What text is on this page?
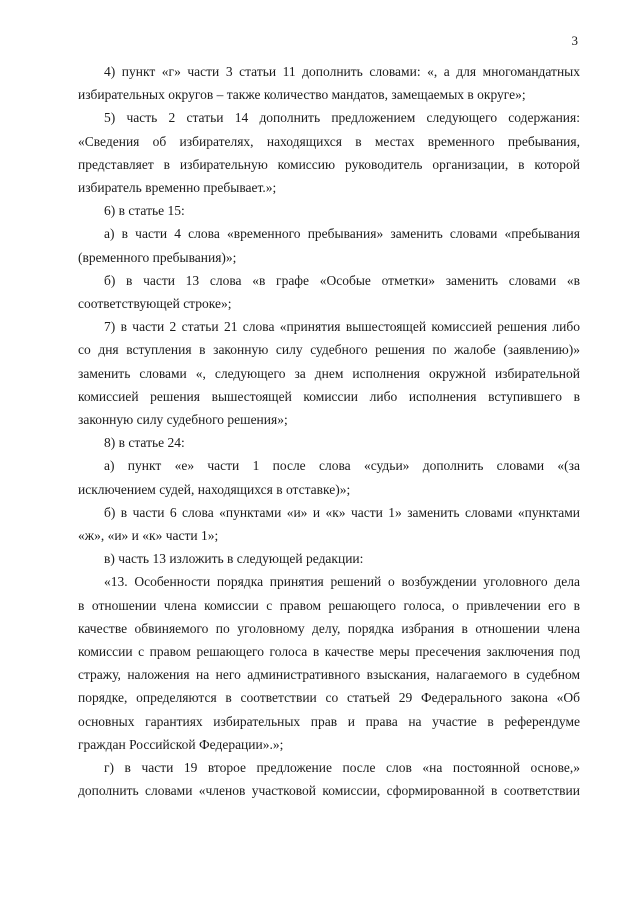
3

4) пункт «г» части 3 статьи 11 дополнить словами: «, а для многомандатных
избирательных округов – также количество мандатов, замещаемых в округе»;

5) часть 2 статьи 14 дополнить предложением следующего содержания:
«Сведения об избирателях, находящихся в местах временного пребывания,
представляет в избирательную комиссию руководитель организации, в которой
избиратель временно пребывает.»;

6) в статье 15:

а) в части 4 слова «временного пребывания» заменить словами «пребывания
(временного пребывания)»;

б) в части 13 слова «в графе «Особые отметки» заменить словами «в
соответствующей строке»;

7) в части 2 статьи 21 слова «принятия вышестоящей комиссией решения либо
со дня вступления в законную силу судебного решения по жалобе (заявлению)»
заменить словами «, следующего за днем исполнения окружной избирательной
комиссией решения вышестоящей комиссии либо исполнения вступившего в
законную силу судебного решения»;

8) в статье 24:

а) пункт «е» части 1 после слова «судьи» дополнить словами «(за
исключением судей, находящихся в отставке)»;

б) в части 6 слова «пунктами «и» и «к» части 1» заменить словами «пунктами
«ж», «и» и «к» части 1»;

в) часть 13 изложить в следующей редакции:

«13. Особенности порядка принятия решений о возбуждении уголовного дела
в отношении члена комиссии с правом решающего голоса, о привлечении его в
качестве обвиняемого по уголовному делу, порядка избрания в отношении члена
комиссии с правом решающего голоса в качестве меры пресечения заключения под
стражу, наложения на него административного взыскания, налагаемого в судебном
порядке, определяются в соответствии со статьей 29 Федерального закона «Об
основных гарантиях избирательных прав и права на участие в референдуме
граждан Российской Федерации».»;

г) в части 19 второе предложение после слов «на постоянной основе,»
дополнить словами «членов участковой комиссии, сформированной в соответствии
